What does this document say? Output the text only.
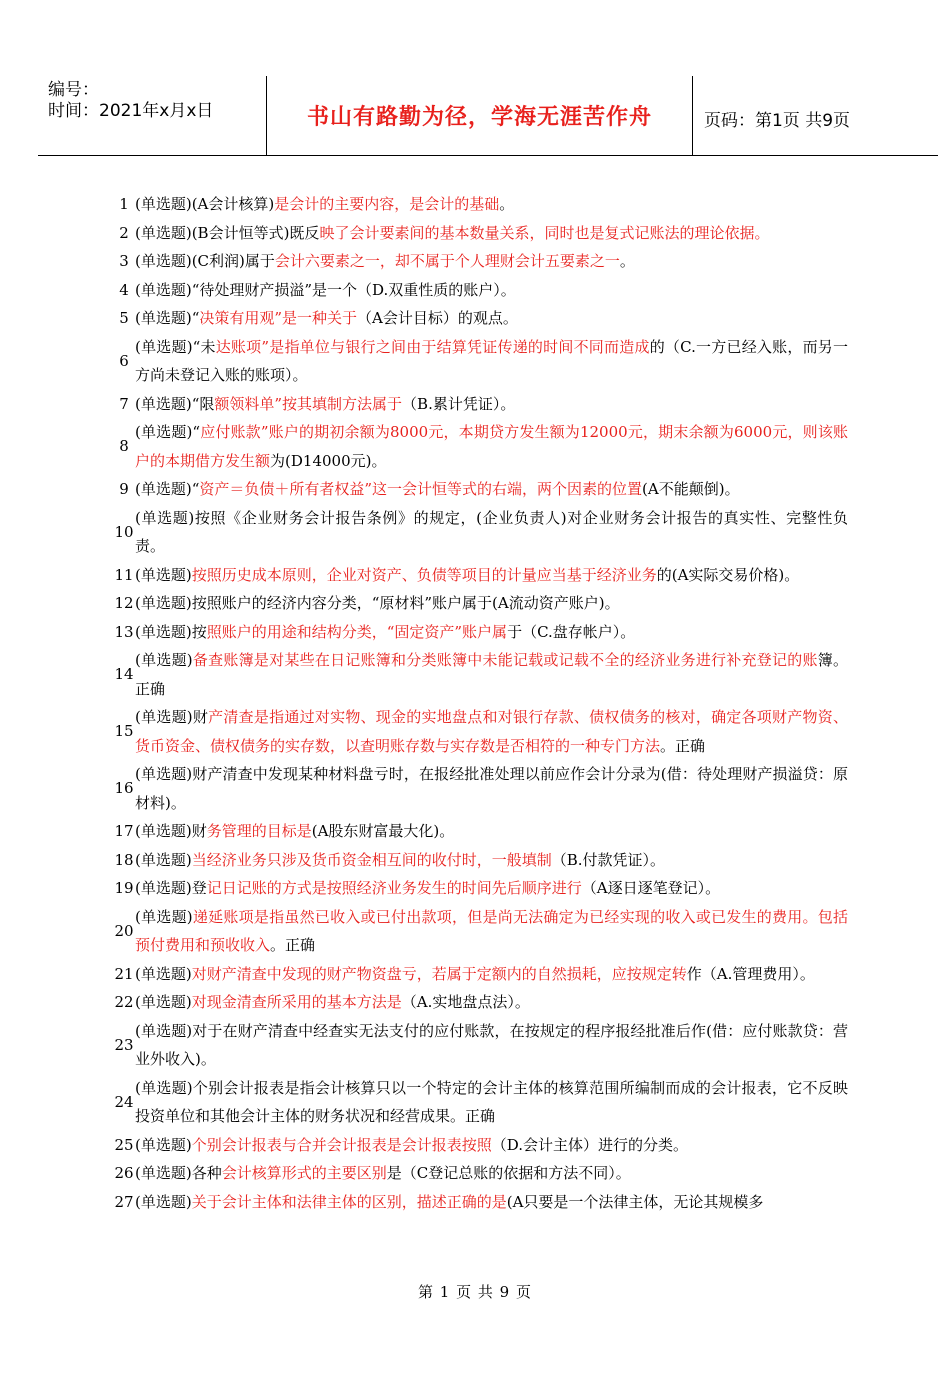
编号：
时间：2021年x月x日	书山有路勤为径，学海无涯苦作舟	页码：第1页 共9页
1 (单选题)(A会计核算)是会计的主要内容，是会计的基础。
2 (单选题)(B会计恒等式)既反映了会计要素间的基本数量关系，同时也是复式记账法的理论依据。
3 (单选题)(C利润)属于会计六要素之一，却不属于个人理财会计五要素之一。
4 (单选题)“待处理财产损溢”是一个（D.双重性质的账户）。
5 (单选题)“决策有用观”是一种关于（A会计目标）的观点。
6
(单选题)“未达账项”是指单位与银行之间由于结算凭证传递的时间不同而造成的（C.一方已经入账，而另一方尚未登记入账的账项）。
7 (单选题)“限额领料单”按其填制方法属于（B.累计凭证）。
8
(单选题)“应付账款”账户的期初余额为8000元，本期贷方发生额为12000元，期末余额为6000元，则该账户的本期借方发生额为(D14000元)。
9 (单选题)“资产＝负债＋所有者权益”这一会计恒等式的右端，两个因素的位置(A不能颠倒)。
10
(单选题)按照《企业财务会计报告条例》的规定，(企业负责人)对企业财务会计报告的真实性、完整性负责。
11 (单选题)按照历史成本原则，企业对资产、负债等项目的计量应当基于经济业务的(A实际交易价格)。
12 (单选题)按照账户的经济内容分类，“原材料”账户属于(A流动资产账户)。
13 (单选题)按照账户的用途和结构分类，“固定资产”账户属于（C.盘存帐户）。
14
(单选题)备查账簿是对某些在日记账簿和分类账簿中未能记载或记载不全的经济业务进行补充登记的账簿。正确
15
(单选题)财产清查是指通过对实物、现金的实地盘点和对银行存款、债权债务的核对，确定各项财产物资、货币资金、债权债务的实存数，以查明账存数与实存数是否相符的一种专门方法。正确
16
(单选题)财产清查中发现某种材料盘亏时，在报经批准处理以前应作会计分录为(借：待处理财产损溢贷：原材料)。
17 (单选题)财务管理的目标是(A股东财富最大化)。
18 (单选题)当经济业务只涉及货币资金相互间的收付时，一般填制（B.付款凭证）。
19 (单选题)登记日记账的方式是按照经济业务发生的时间先后顺序进行（A逐日逐笔登记）。
20
(单选题)递延账项是指虽然已收入或已付出款项，但是尚无法确定为已经实现的收入或已发生的费用。包括预付费用和预收收入。正确
21 (单选题)对财产清查中发现的财产物资盘亏，若属于定额内的自然损耗，应按规定转作（A.管理费用）。
22 (单选题)对现金清查所采用的基本方法是（A.实地盘点法）。
23
(单选题)对于在财产清查中经查实无法支付的应付账款，在按规定的程序报经批准后作(借：应付账款贷：营业外收入)。
24
(单选题)个别会计报表是指会计核算只以一个特定的会计主体的核算范围所编制而成的会计报表，它不反映投资单位和其他会计主体的财务状况和经营成果。正确
25 (单选题)个别会计报表与合并会计报表是会计报表按照（D.会计主体）进行的分类。
26 (单选题)各种会计核算形式的主要区别是（C登记总账的依据和方法不同）。
27 (单选题)关于会计主体和法律主体的区别，描述正确的是(A只要是一个法律主体，无论其规模多
第 1 页 共 9 页
